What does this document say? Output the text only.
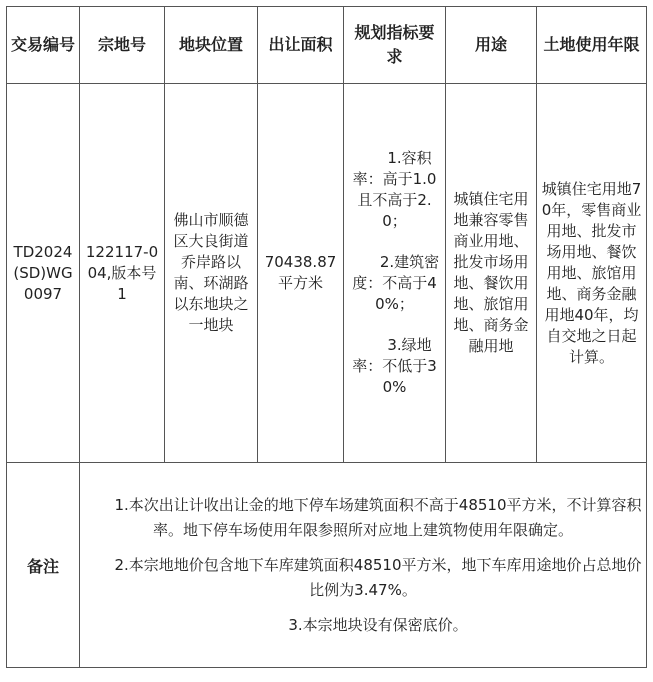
交易编号	宗地号	地块位置	出让面积	规划指标要求	用途	土地使用年限
TD2024(SD)WG0097	122117-004,版本号1	佛山市顺德区大良街道乔岸路以南、环湖路以东地块之一地块	70438.87平方米	1.容积率：高于1.0且不高于2.0；

2.建筑密度：不高于40%；

3.绿地率：不低于30%	城镇住宅用地兼容零售商业用地、批发市场用地、餐饮用地、旅馆用地、商务金融用地	城镇住宅用地70年，零售商业用地、批发市场用地、餐饮用地、旅馆用地、商务金融用地40年，均自交地之日起计算。
备注	1.本次出让计收出让金的地下停车场建筑面积不高于48510平方米，不计算容积率。地下停车场使用年限参照所对应地上建筑物使用年限确定。

2.本宗地地价包含地下车库建筑面积48510平方米，地下车库用途地价占总地价比例为3.47%。

3.本宗地块设有保密底价。					
